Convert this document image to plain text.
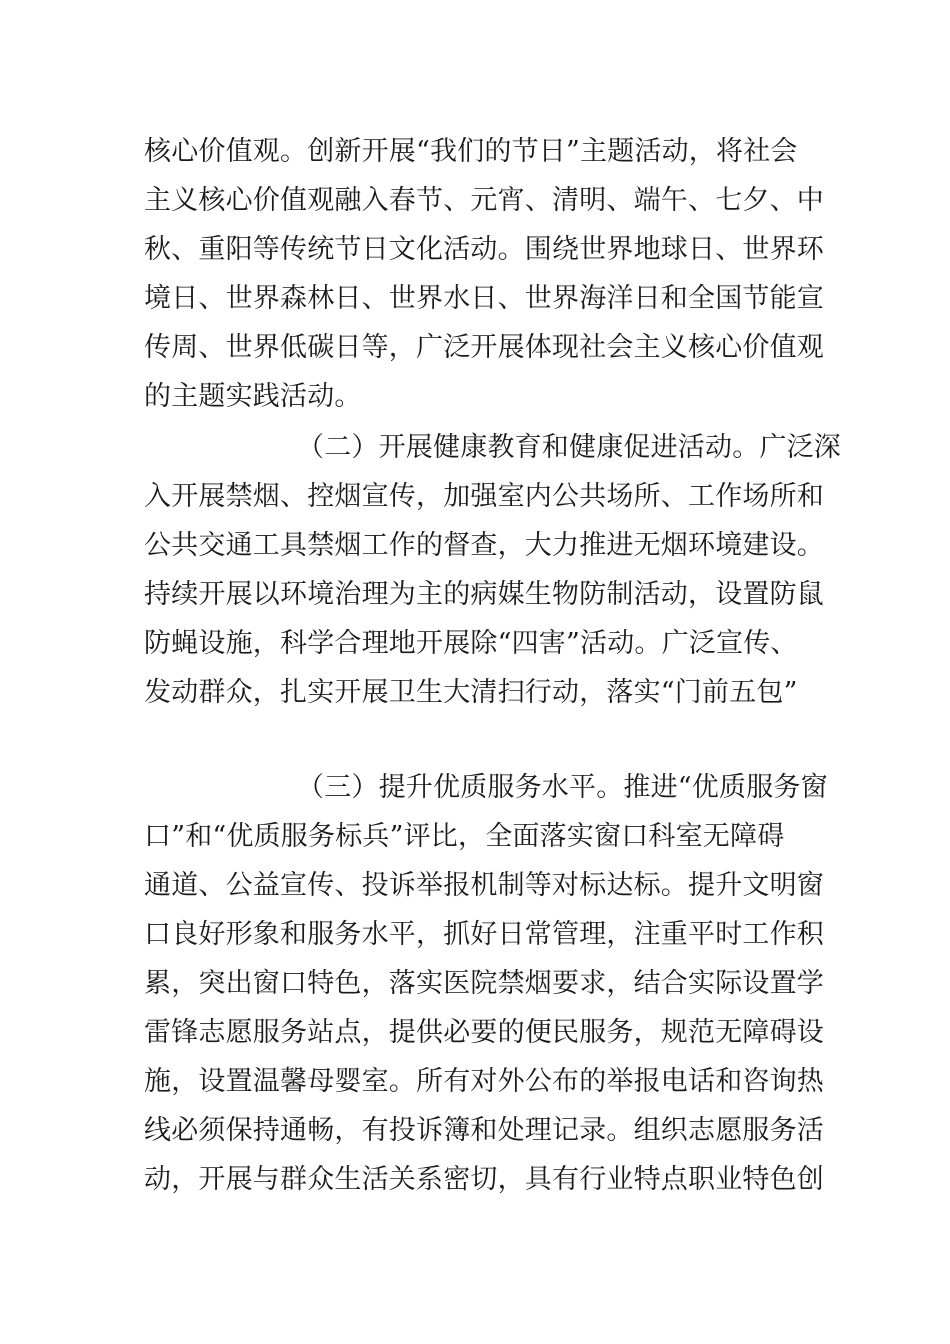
核心价值观。创新开展“我们的节日”主题活动，将社会
主义核心价值观融入春节、元宵、清明、端午、七夕、中
秋、重阳等传统节日文化活动。围绕世界地球日、世界环
境日、世界森林日、世界水日、世界海洋日和全国节能宣
传周、世界低碳日等，广泛开展体现社会主义核心价值观
的主题实践活动。
（二）开展健康教育和健康促进活动。广泛深
入开展禁烟、控烟宣传，加强室内公共场所、工作场所和
公共交通工具禁烟工作的督查，大力推进无烟环境建设。
持续开展以环境治理为主的病媒生物防制活动，设置防鼠
防蝇设施，科学合理地开展除“四害”活动。广泛宣传、
发动群众，扎实开展卫生大清扫行动，落实“门前五包”
（三）提升优质服务水平。推进“优质服务窗
口”和“优质服务标兵”评比，全面落实窗口科室无障碍
通道、公益宣传、投诉举报机制等对标达标。提升文明窗
口良好形象和服务水平，抓好日常管理，注重平时工作积
累，突出窗口特色，落实医院禁烟要求，结合实际设置学
雷锋志愿服务站点，提供必要的便民服务，规范无障碍设
施，设置温馨母婴室。所有对外公布的举报电话和咨询热
线必须保持通畅，有投诉簿和处理记录。组织志愿服务活
动，开展与群众生活关系密切，具有行业特点职业特色创
